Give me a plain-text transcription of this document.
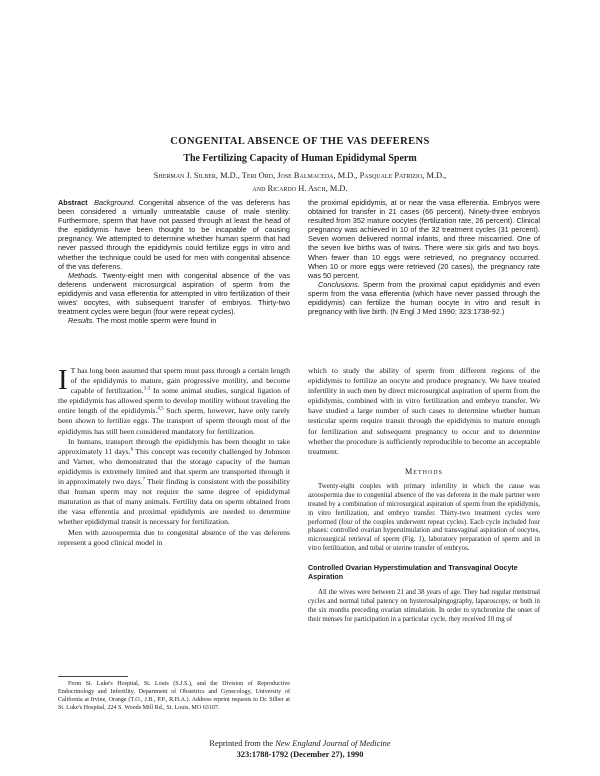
CONGENITAL ABSENCE OF THE VAS DEFERENS
The Fertilizing Capacity of Human Epididymal Sperm
Sherman J. Silber, M.D., Teri Ord, Jose Balmaceda, M.D., Pasquale Patrizio, M.D.,
and Ricardo H. Asch, M.D.

Abstract Background. Congenital absence of the vas deferens has been considered a virtually untreatable cause of male sterility. Furthermore, sperm that have not passed through at least the head of the epididymis have been thought to be incapable of causing pregnancy. We attempted to determine whether human sperm that had never passed through the epididymis could fertilize eggs in vitro and whether the technique could be used for men with congenital absence of the vas deferens.

Methods. Twenty-eight men with congenital absence of the vas deferens underwent microsurgical aspiration of sperm from the epididymis and vasa efferentia for attempted in vitro fertilization of their wives' oocytes, with subsequent transfer of embryos. Thirty-two treatment cycles were begun (four were repeat cycles).

Results. The most motile sperm were found in

the proximal epididymis, at or near the vasa efferentia. Embryos were obtained for transfer in 21 cases (66 percent). Ninety-three embryos resulted from 352 mature oocytes (fertilization rate, 26 percent). Clinical pregnancy was achieved in 10 of the 32 treatment cycles (31 percent). Seven women delivered normal infants, and three miscarried. One of the seven live births was of twins. There were six girls and two boys. When fewer than 10 eggs were retrieved, no pregnancy occurred. When 10 or more eggs were retrieved (20 cases), the pregnancy rate was 50 percent.

Conclusions. Sperm from the proximal caput epididymis and even sperm from the vasa efferentia (which have never passed through the epididymis) can fertilize the human oocyte in vitro and result in pregnancy with live birth. (N Engl J Med 1990; 323:1738-92.)

I T has long been assumed that sperm must pass through a certain length of the epididymis to mature, gain progressive motility, and become capable of fertilization.$^{1-3}$ In some animal studies, surgical ligation of the epididymis has allowed sperm to develop motility without traveling the entire length of the epididymis.$^{4,5}$ Such sperm, however, have only rarely been shown to fertilize eggs. The transport of sperm through most of the epididymis has still been considered mandatory for fertilization.

In humans, transport through the epididymis has been thought to take approximately 11 days.$^6$ This concept was recently challenged by Johnson and Varner, who demonstrated that the storage capacity of the human epididymis is extremely limited and that sperm are transported through it in approximately two days.$^7$ Their finding is consistent with the possibility that human sperm may not require the same degree of epididymal maturation as that of many animals. Fertility data on sperm obtained from the vasa efferentia and proximal epididymis are needed to determine whether epididymal transit is necessary for fertilization.

Men with azoospermia due to congenital absence of the vas deferens represent a good clinical model in

which to study the ability of sperm from different regions of the epididymis to fertilize an oocyte and produce pregnancy. We have treated infertility in such men by direct microsurgical aspiration of sperm from the epididymis, combined with in vitro fertilization and embryo transfer. We have studied a large number of such cases to determine whether human testicular sperm require transit through the epididymis to mature enough for fertilization and subsequent pregnancy to occur and to determine whether the procedure is sufficiently reproducible to become an acceptable treatment.

Methods

Twenty-eight couples with primary infertility in which the cause was azoospermia due to congenital absence of the vas deferens in the male partner were treated by a combination of microsurgical aspiration of sperm from the epididymis, in vitro fertilization, and embryo transfer. Thirty-two treatment cycles were performed (four of the couples underwent repeat cycles). Each cycle included four phases: controlled ovarian hyperstimulation and transvaginal aspiration of oocytes, microsurgical retrieval of sperm (Fig. 1), laboratory preparation of sperm and in vitro fertilization, and tubal or uterine transfer of embryos.

Controlled Ovarian Hyperstimulation and Transvaginal Oocyte Aspiration

All the wives were between 21 and 38 years of age. They had regular menstrual cycles and normal tubal patency on hysterosalpingography, laparoscopy, or both in the six months preceding ovarian stimulation. In order to synchronize the onset of their menses for participation in a particular cycle, they received 10 mg of

From St. Luke's Hospital, St. Louis (S.J.S.), and the Division of Reproductive Endocrinology and Infertility, Department of Obstetrics and Gynecology, University of California at Irvine, Orange (T.O., J.B., P.P., R.H.A.). Address reprint requests to Dr. Silber at St. Luke's Hospital, 224 S. Woods Mill Rd., St. Louis, MO 63107.

Reprinted from the New England Journal of Medicine
323:1788-1792 (December 27), 1990
